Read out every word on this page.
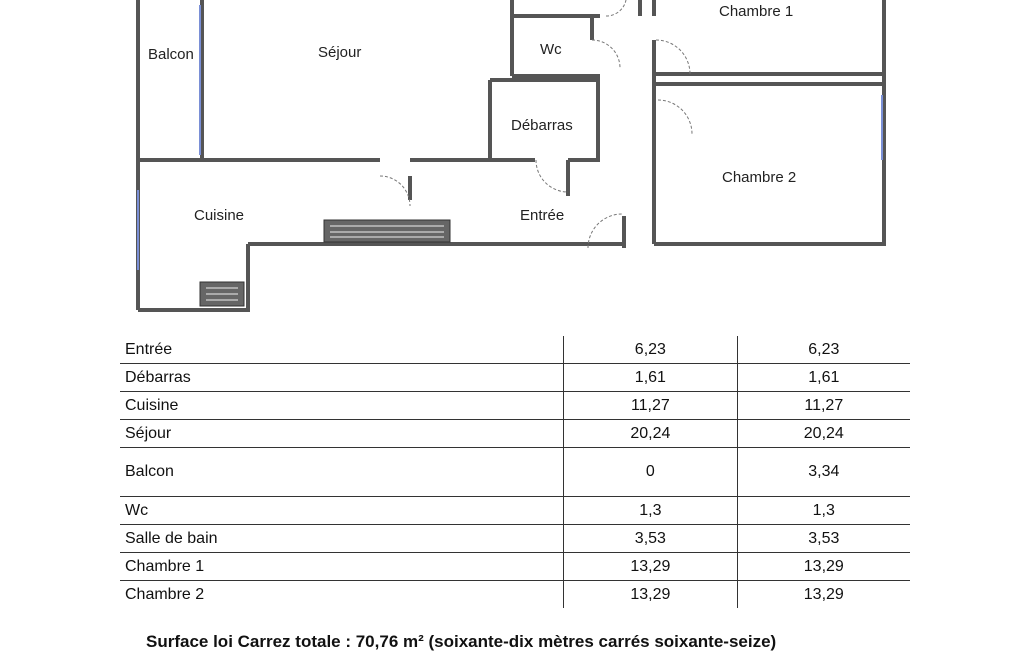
Balcon	Séjour	Wc
Débarras
Chambre 1
Chambre 2
Cuisine	Entrée
Entrée	6,23	6,23
Débarras	1,61	1,61
Cuisine	11,27	11,27
Séjour	20,24	20,24
Balcon	0	3,34
Wc	1,3	1,3
Salle de bain	3,53	3,53
Chambre 1	13,29	13,29
Chambre 2	13,29	13,29
Surface loi Carrez totale : 70,76 m² (soixante-dix mètres carrés soixante-seize)
